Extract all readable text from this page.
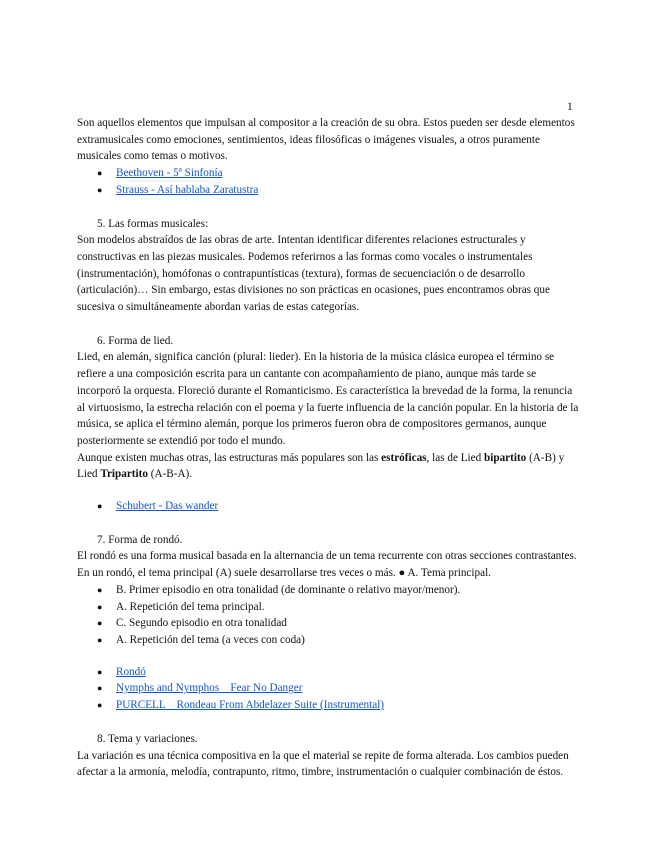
1

Son aquellos elementos que impulsan al compositor a la creación de su obra. Estos pueden ser desde elementos extramusicales como emociones, sentimientos, ideas filosóficas o imágenes visuales, a otros puramente musicales como temas o motivos.

● Beethoven - 5ª Sinfonía
● Strauss - Así hablaba Zaratustra

5. Las formas musicales:

Son modelos abstraídos de las obras de arte. Intentan identificar diferentes relaciones estructurales y constructivas en las piezas musicales. Podemos referirnos a las formas como vocales o instrumentales (instrumentación), homófonas o contrapuntísticas (textura), formas de secuenciación o de desarrollo (articulación)… Sin embargo, estas divisiones no son prácticas en ocasiones, pues encontramos obras que sucesiva o simultáneamente abordan varias de estas categorías.

6. Forma de lied.

Lied, en alemán, significa canción (plural: lieder). En la historia de la música clásica europea el término se refiere a una composición escrita para un cantante con acompañamiento de piano, aunque más tarde se incorporó la orquesta. Floreció durante el Romanticismo. Es característica la brevedad de la forma, la renuncia al virtuosismo, la estrecha relación con el poema y la fuerte influencia de la canción popular. En la historia de la música, se aplica el término alemán, porque los primeros fueron obra de compositores germanos, aunque posteriormente se extendió por todo el mundo.

Aunque existen muchas otras, las estructuras más populares son las estróficas, las de Lied bipartito (A-B) y Lied Tripartito (A-B-A).

● Schubert - Das wander

7. Forma de rondó.

El rondó es una forma musical basada en la alternancia de un tema recurrente con otras secciones contrastantes. En un rondó, el tema principal (A) suele desarrollarse tres veces o más. ● A. Tema principal.

● B. Primer episodio en otra tonalidad (de dominante o relativo mayor/menor).
● A. Repetición del tema principal.
● C. Segundo episodio en otra tonalidad
● A. Repetición del tema (a veces con coda)
● Rondó
● Nymphs and Nymphos _ Fear No Danger
● PURCELL _ Rondeau From Abdelazer Suite (Instrumental)

8. Tema y variaciones.

La variación es una técnica compositiva en la que el material se repite de forma alterada. Los cambios pueden afectar a la armonía, melodía, contrapunto, ritmo, timbre, instrumentación o cualquier combinación de éstos.
